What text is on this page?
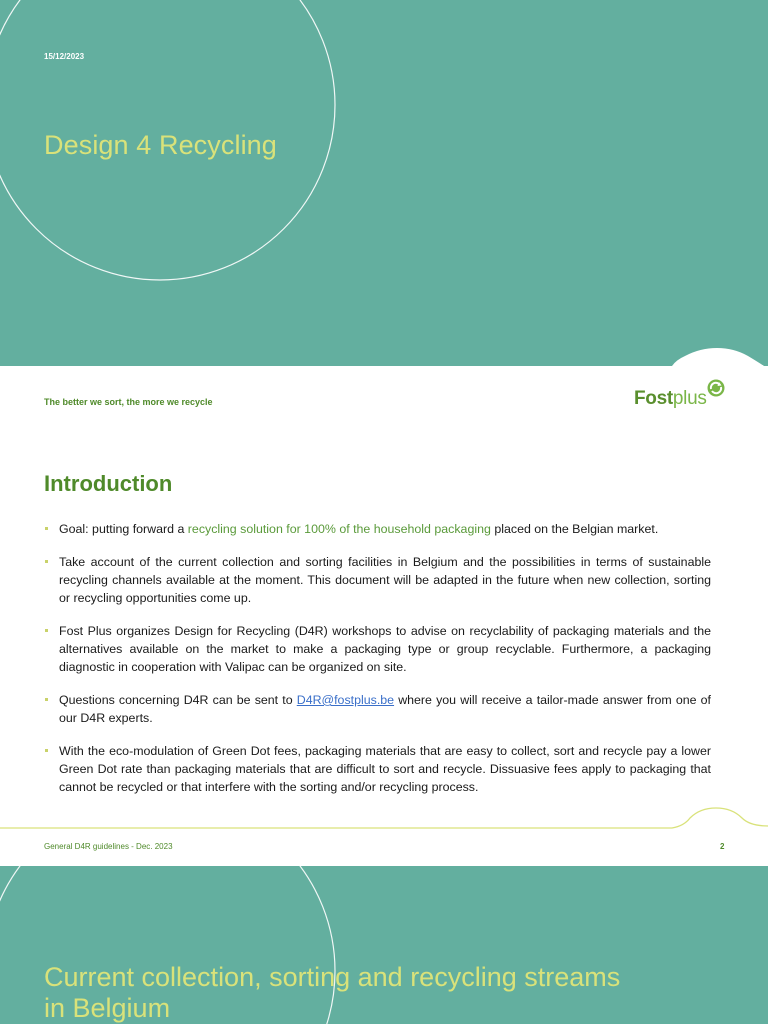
15/12/2023
Design 4 Recycling
The better we sort, the more we recycle	Fostplus
Introduction
Goal: putting forward a recycling solution for 100% of the household packaging placed on the Belgian market.
Take account of the current collection and sorting facilities in Belgium and the possibilities in terms of sustainable recycling channels available at the moment. This document will be adapted in the future when new collection, sorting or recycling opportunities come up.
Fost Plus organizes Design for Recycling (D4R) workshops to advise on recyclability of packaging materials and the alternatives available on the market to make a packaging type or group recyclable. Furthermore, a packaging diagnostic in cooperation with Valipac can be organized on site.
Questions concerning D4R can be sent to D4R@fostplus.be where you will receive a tailor-made answer from one of our D4R experts.
With the eco-modulation of Green Dot fees, packaging materials that are easy to collect, sort and recycle pay a lower Green Dot rate than packaging materials that are difficult to sort and recycle. Dissuasive fees apply to packaging that cannot be recycled or that interfere with the sorting and/or recycling process.
General D4R guidelines - Dec. 2023	2
Current collection, sorting and recycling streams in Belgium
